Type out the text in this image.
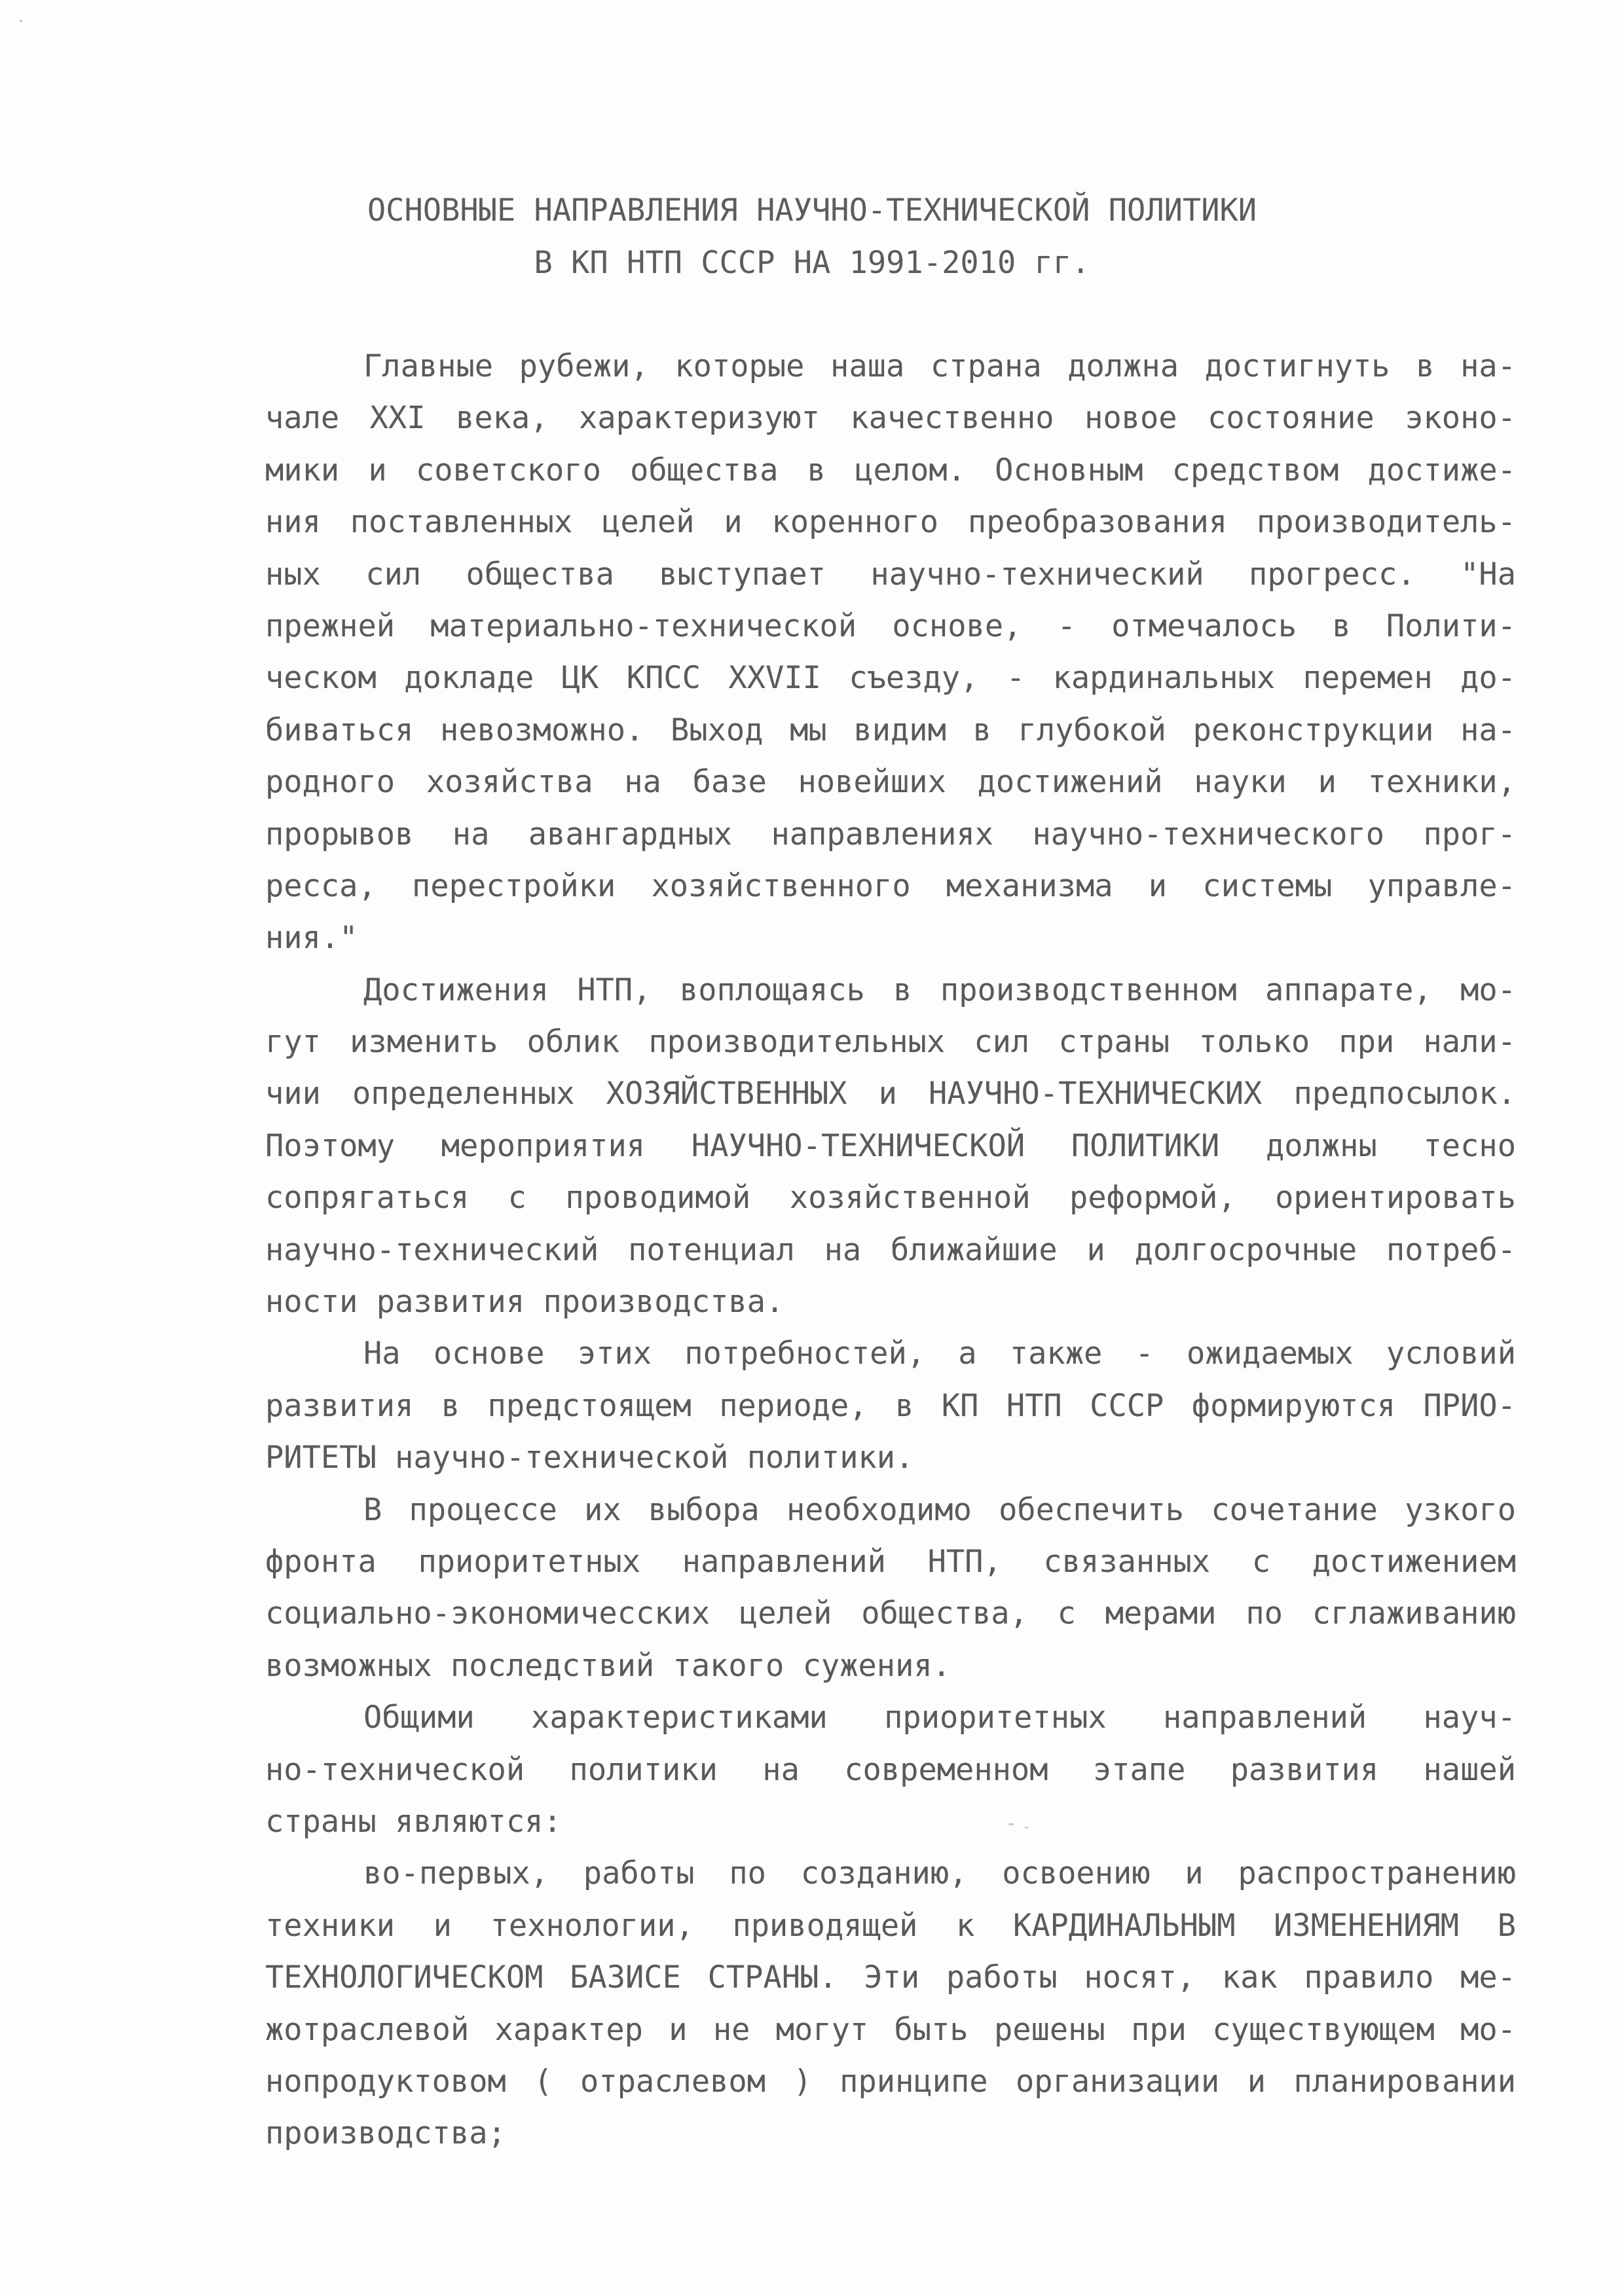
ОСНОВНЫЕ НАПРАВЛЕНИЯ НАУЧНО-ТЕХНИЧЕСКОЙ ПОЛИТИКИ
В КП НТП СССР НА 1991-2010 гг.
Главные рубежи, которые наша страна должна достигнуть в на-
чале XXI века, характеризуют качественно новое состояние эконо-
мики и советского общества в целом. Основным средством достиже-
ния поставленных целей и коренного преобразования производитель-
ных сил общества выступает научно-технический прогресс. "На
прежней материально-технической основе, - отмечалось в Полити-
ческом докладе ЦК КПСС XXVII съезду, - кардинальных перемен до-
биваться невозможно. Выход мы видим в глубокой реконструкции на-
родного хозяйства на базе новейших достижений науки и техники,
прорывов на авангардных направлениях научно-технического прог-
ресса, перестройки хозяйственного механизма и системы управле-
ния."
Достижения НТП, воплощаясь в производственном аппарате, мо-
гут изменить облик производительных сил страны только при нали-
чии определенных ХОЗЯЙСТВЕННЫХ и НАУЧНО-ТЕХНИЧЕСКИХ предпосылок.
Поэтому мероприятия НАУЧНО-ТЕХНИЧЕСКОЙ ПОЛИТИКИ должны тесно
сопрягаться с проводимой хозяйственной реформой, ориентировать
научно-технический потенциал на ближайшие и долгосрочные потреб-
ности развития производства.
На основе этих потребностей, а также - ожидаемых условий
развития в предстоящем периоде, в КП НТП СССР формируются ПРИО-
РИТЕТЫ научно-технической политики.
В процессе их выбора необходимо обеспечить сочетание узкого
фронта приоритетных направлений НТП, связанных с достижением
социально-экономичесских целей общества, с мерами по сглаживанию
возможных последствий такого сужения.
Общими характеристиками приоритетных направлений науч-
но-технической политики на современном этапе развития нашей
страны являются:
во-первых, работы по созданию, освоению и распространению
техники и технологии, приводящей к КАРДИНАЛЬНЫМ ИЗМЕНЕНИЯМ В
ТЕХНОЛОГИЧЕСКОМ БАЗИСЕ СТРАНЫ. Эти работы носят, как правило ме-
жотраслевой характер и не могут быть решены при существующем мо-
нопродуктовом ( отраслевом ) принципе организации и планировании
производства;
